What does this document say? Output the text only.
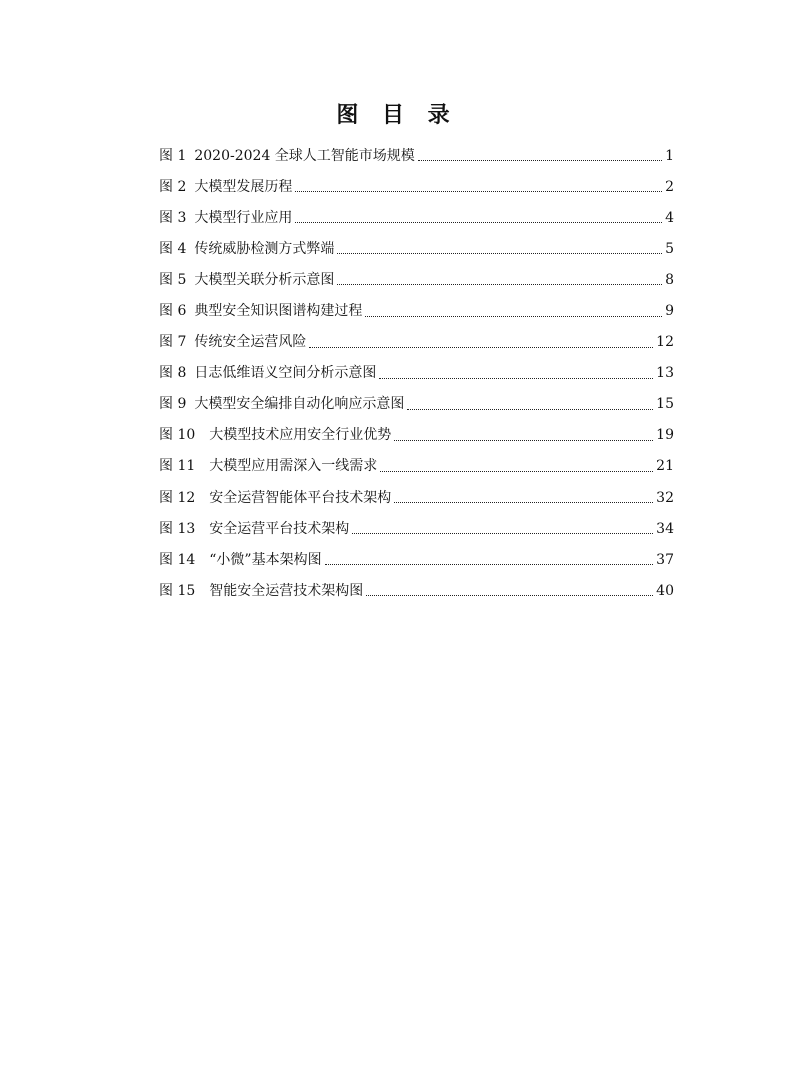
图 目 录
图 1 2020-2024 全球人工智能市场规模	1
图 2 大模型发展历程	2
图 3 大模型行业应用	4
图 4 传统威胁检测方式弊端	5
图 5 大模型关联分析示意图	8
图 6 典型安全知识图谱构建过程	9
图 7 传统安全运营风险	12
图 8 日志低维语义空间分析示意图	13
图 9 大模型安全编排自动化响应示意图	15
图 10	大模型技术应用安全行业优势	19
图 11	大模型应用需深入一线需求	21
图 12	安全运营智能体平台技术架构	32
图 13	安全运营平台技术架构	34
图 14	“小微”基本架构图	37
图 15	智能安全运营技术架构图	40
